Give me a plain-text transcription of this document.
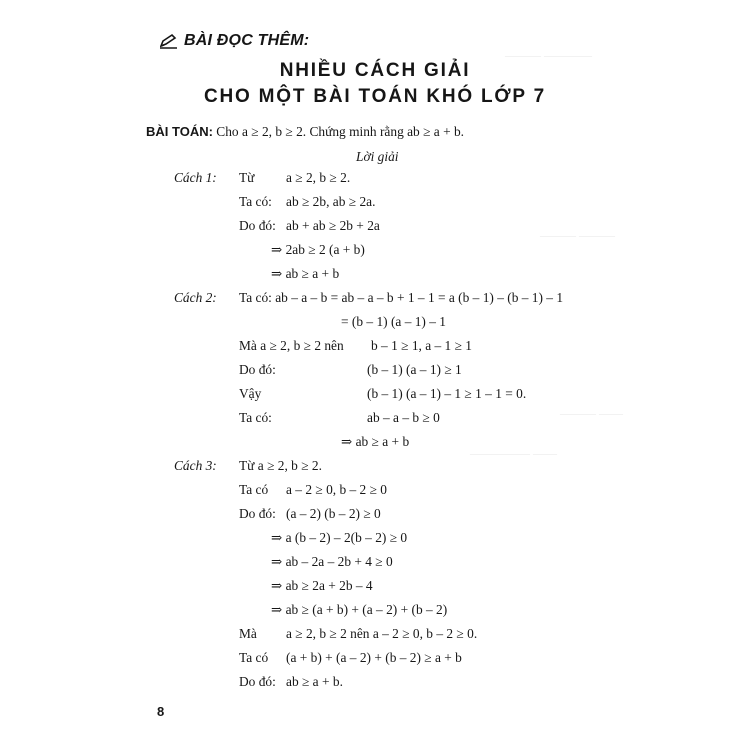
——— ————
——— ———
——— ——
————— ——
BÀI ĐỌC THÊM:
NHIỀU CÁCH GIẢI
CHO MỘT BÀI TOÁN KHÓ LỚP 7
BÀI TOÁN: Cho a ≥ 2, b ≥ 2. Chứng minh rằng ab ≥ a + b.
Lời giải
Cách 1: Từ a ≥ 2, b ≥ 2.
Ta có: ab ≥ 2b, ab ≥ 2a.
Do đó: ab + ab ≥ 2b + 2a
⇒ 2ab ≥ 2 (a + b)
⇒ ab ≥ a + b
Cách 2: Ta có: ab – a – b = ab – a – b + 1 – 1 = a (b – 1) – (b – 1) – 1
= (b – 1) (a – 1) – 1
Mà a ≥ 2, b ≥ 2 nên b – 1 ≥ 1, a – 1 ≥ 1
Do đó:	(b – 1) (a – 1) ≥ 1
Vậy	(b – 1) (a – 1) – 1 ≥ 1 – 1 = 0.
Ta có:	ab – a – b ≥ 0
⇒ ab ≥ a + b
Cách 3: Từ a ≥ 2, b ≥ 2.
Ta có a – 2 ≥ 0, b – 2 ≥ 0
Do đó: (a – 2) (b – 2) ≥ 0
⇒ a (b – 2) – 2(b – 2) ≥ 0
⇒ ab – 2a – 2b + 4 ≥ 0
⇒ ab ≥ 2a + 2b – 4
⇒ ab ≥ (a + b) + (a – 2) + (b – 2)
Mà a ≥ 2, b ≥ 2 nên a – 2 ≥ 0, b – 2 ≥ 0.
Ta có (a + b) + (a – 2) + (b – 2) ≥ a + b
Do đó: ab ≥ a + b.
8
